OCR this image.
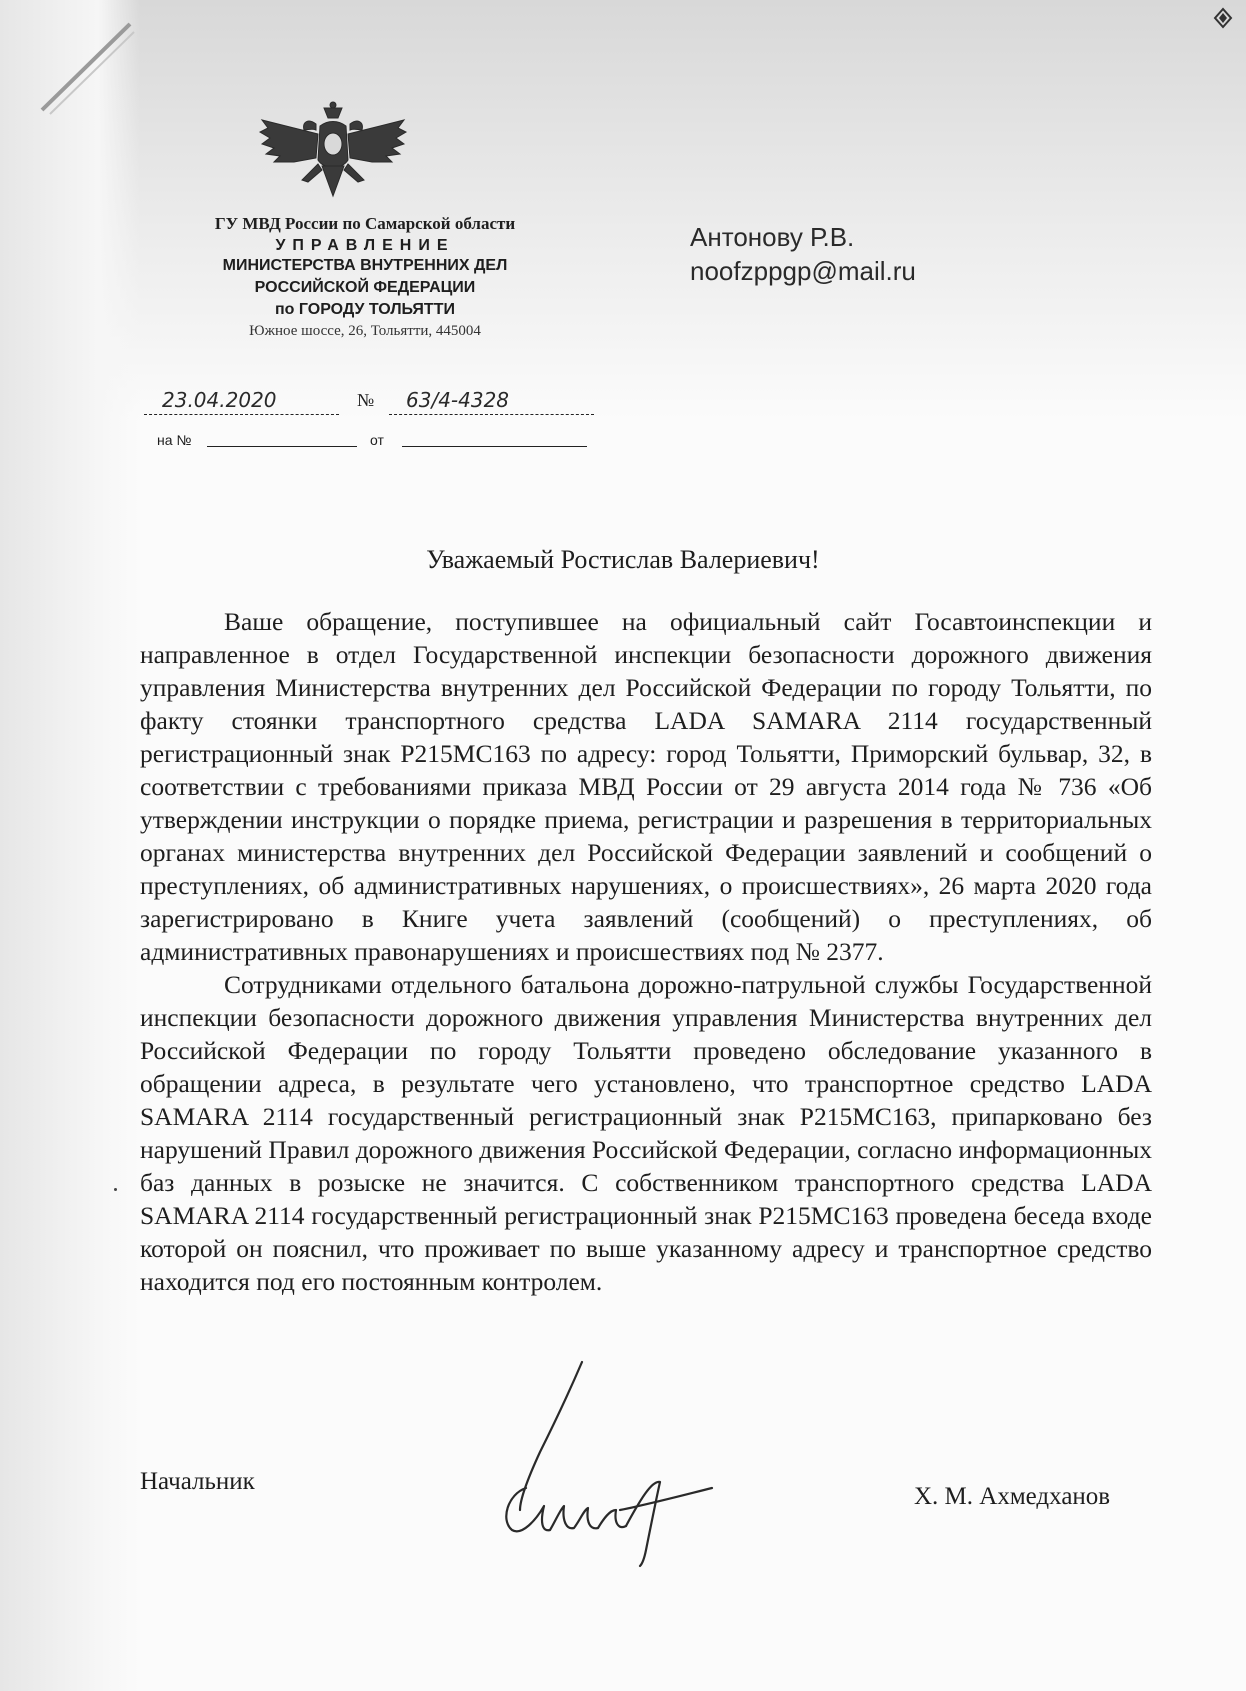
ГУ МВД России по Самарской области
УПРАВЛЕНИЕ
МИНИСТЕРСТВА ВНУТРЕННИХ ДЕЛ
РОССИЙСКОЙ ФЕДЕРАЦИИ
по ГОРОДУ ТОЛЬЯТТИ
Южное шоссе, 26, Тольятти, 445004
23.04.2020	№ 63/4-4328
на №	от
Антонову Р.В.
noofzppgp@mail.ru
Уважаемый Ростислав Валериевич!

Ваше обращение, поступившее на официальный сайт Госавтоинспекции и направленное в отдел Государственной инспекции безопасности дорожного движения управления Министерства внутренних дел Российской Федерации по городу Тольятти, по факту стоянки транспортного средства LADA SAMARA 2114 государственный регистрационный знак Р215МС163 по адресу: город Тольятти, Приморский бульвар, 32, в соответствии с требованиями приказа МВД России от 29 августа 2014 года № 736 «Об утверждении инструкции о порядке приема, регистрации и разрешения в территориальных органах министерства внутренних дел Российской Федерации заявлений и сообщений о преступлениях, об административных нарушениях, о происшествиях», 26 марта 2020 года зарегистрировано в Книге учета заявлений (сообщений) о преступлениях, об административных правонарушениях и происшествиях под № 2377.

Сотрудниками отдельного батальона дорожно-патрульной службы Государственной инспекции безопасности дорожного движения управления Министерства внутренних дел Российской Федерации по городу Тольятти проведено обследование указанного в обращении адреса, в результате чего установлено, что транспортное средство LADA SAMARA 2114 государственный регистрационный знак Р215МС163, припарковано без нарушений Правил дорожного движения Российской Федерации, согласно информационных баз данных в розыске не значится. С собственником транспортного средства LADA SAMARA 2114 государственный регистрационный знак Р215МС163 проведена беседа входе которой он пояснил, что проживает по выше указанному адресу и транспортное средство находится под его постоянным контролем.

Начальник
Х. М. Ахмедханов
